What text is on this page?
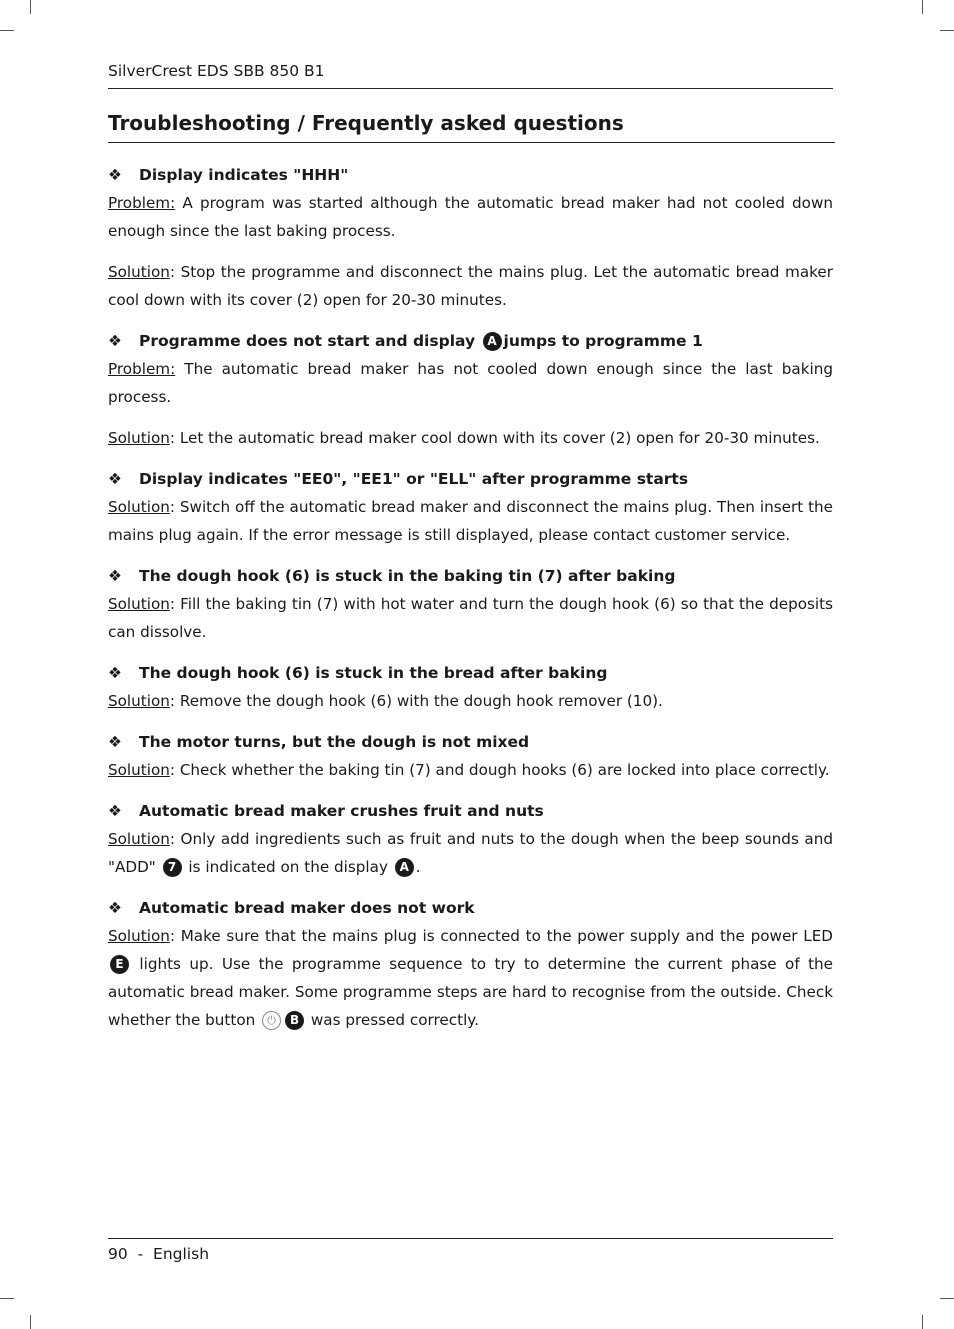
SilverCrest EDS SBB 850 B1
Troubleshooting / Frequently asked questions
❖ Display indicates "HHH"

Problem: A program was started although the automatic bread maker had not cooled down enough since the last baking process.

Solution: Stop the programme and disconnect the mains plug. Let the automatic bread maker cool down with its cover (2) open for 20-30 minutes.

❖ Programme does not start and display A jumps to programme 1

Problem: The automatic bread maker has not cooled down enough since the last baking process.

Solution: Let the automatic bread maker cool down with its cover (2) open for 20-30 minutes.

❖ Display indicates "EE0", "EE1" or "ELL" after programme starts

Solution: Switch off the automatic bread maker and disconnect the mains plug. Then insert the mains plug again. If the error message is still displayed, please contact customer service.

❖ The dough hook (6) is stuck in the baking tin (7) after baking

Solution: Fill the baking tin (7) with hot water and turn the dough hook (6) so that the deposits can dissolve.

❖ The dough hook (6) is stuck in the bread after baking

Solution: Remove the dough hook (6) with the dough hook remover (10).

❖ The motor turns, but the dough is not mixed

Solution: Check whether the baking tin (7) and dough hooks (6) are locked into place correctly.

❖ Automatic bread maker crushes fruit and nuts

Solution: Only add ingredients such as fruit and nuts to the dough when the beep sounds and "ADD" 7 is indicated on the display A .

❖ Automatic bread maker does not work

Solution: Make sure that the mains plug is connected to the power supply and the power LED E lights up. Use the programme sequence to try to determine the current phase of the automatic bread maker. Some programme steps are hard to recognise from the outside. Check whether the button ⏻ B was pressed correctly.

90 - English
